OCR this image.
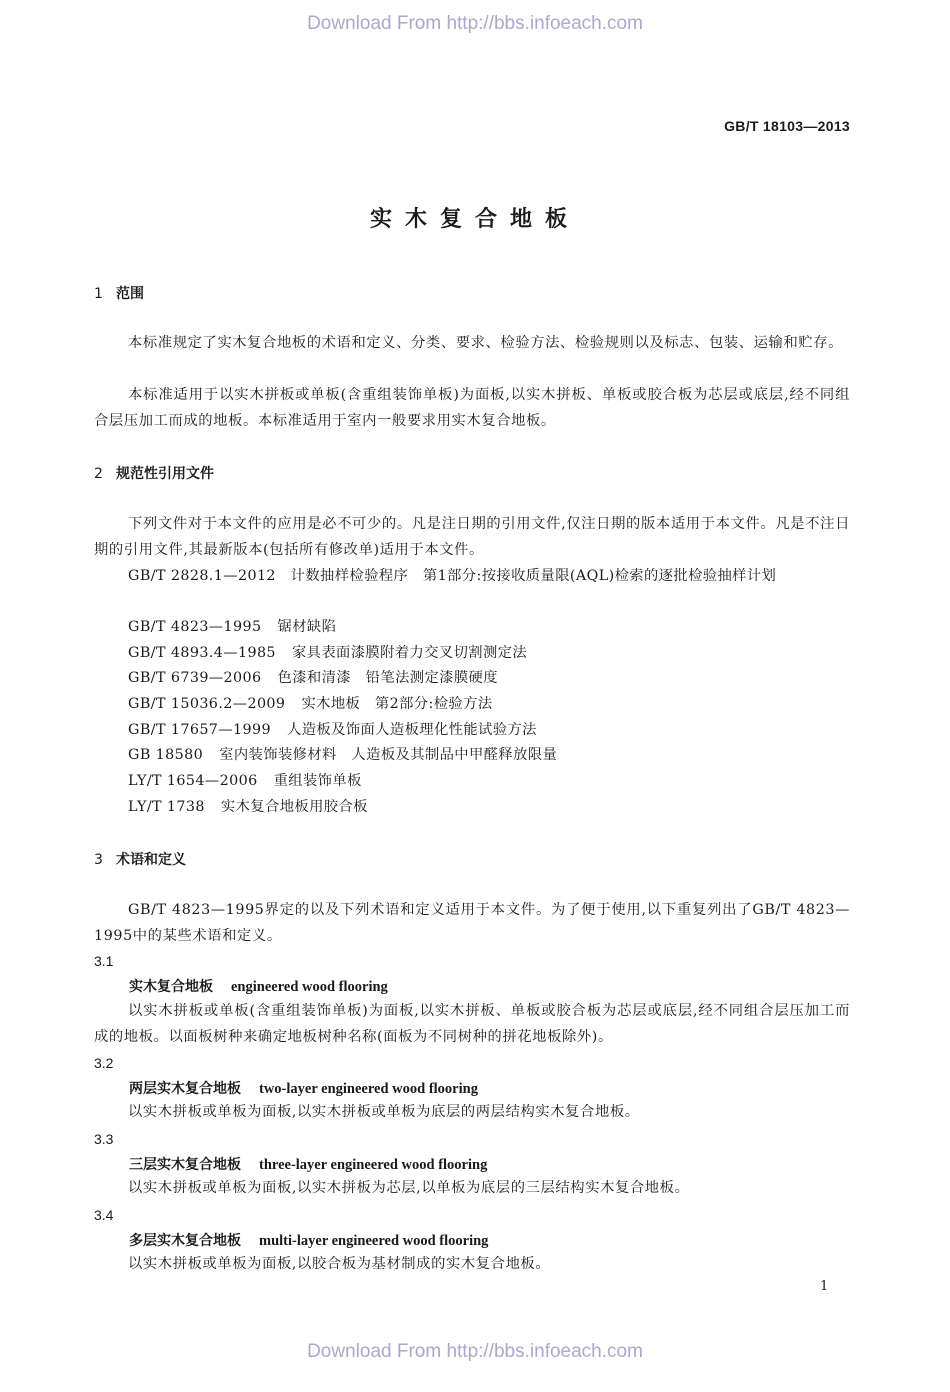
Download From http://bbs.infoeach.com
GB/T 18103—2013
实木复合地板
1 范围
本标准规定了实木复合地板的术语和定义、分类、要求、检验方法、检验规则以及标志、包装、运输和贮存。
本标准适用于以实木拼板或单板(含重组装饰单板)为面板,以实木拼板、单板或胶合板为芯层或底层,经不同组合层压加工而成的地板。本标准适用于室内一般要求用实木复合地板。
2 规范性引用文件
下列文件对于本文件的应用是必不可少的。凡是注日期的引用文件,仅注日期的版本适用于本文件。凡是不注日期的引用文件,其最新版本(包括所有修改单)适用于本文件。
GB/T 2828.1—2012　 计数抽样检验程序　第1部分:按接收质量限(AQL)检索的逐批检验抽样计划
GB/T 4823—1995 锯材缺陷
GB/T 4893.4—1985 家具表面漆膜附着力交叉切割测定法
GB/T 6739—2006 色漆和清漆　铅笔法测定漆膜硬度
GB/T 15036.2—2009 实木地板　第2部分:检验方法
GB/T 17657—1999 人造板及饰面人造板理化性能试验方法
GB 18580 室内装饰装修材料　人造板及其制品中甲醛释放限量
LY/T 1654—2006 重组装饰单板
LY/T 1738 实木复合地板用胶合板
3 术语和定义
GB/T 4823—1995界定的以及下列术语和定义适用于本文件。为了便于使用,以下重复列出了GB/T 4823—1995中的某些术语和定义。
3.1
实木复合地板 engineered wood flooring
以实木拼板或单板(含重组装饰单板)为面板,以实木拼板、单板或胶合板为芯层或底层,经不同组合层压加工而成的地板。以面板树种来确定地板树种名称(面板为不同树种的拼花地板除外)。
3.2
两层实木复合地板 two-layer engineered wood flooring
以实木拼板或单板为面板,以实木拼板或单板为底层的两层结构实木复合地板。
3.3
三层实木复合地板 three-layer engineered wood flooring
以实木拼板或单板为面板,以实木拼板为芯层,以单板为底层的三层结构实木复合地板。
3.4
多层实木复合地板 multi-layer engineered wood flooring
以实木拼板或单板为面板,以胶合板为基材制成的实木复合地板。
1
Download From http://bbs.infoeach.com
